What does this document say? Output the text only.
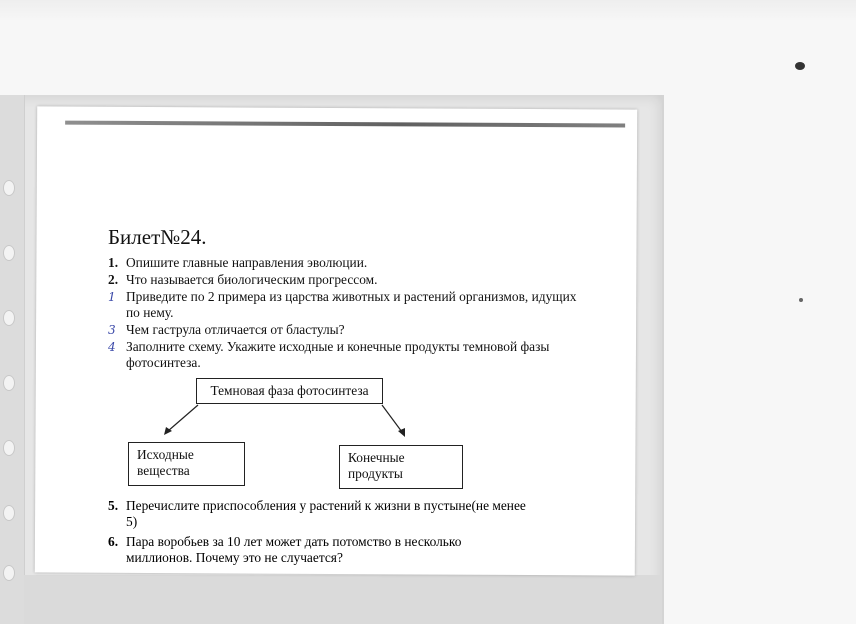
Билет№24.
1. Опишите главные направления эволюции.
2. Что называется биологическим прогрессом.
1 Приведите по 2 примера из царства животных и растений организмов, идущих по нему.
3 Чем гаструла отличается от бластулы?
4 Заполните схему. Укажите исходные и конечные продукты темновой фазы фотосинтеза.
Темновая фаза фотосинтеза
Исходные
вещества
Конечные
продукты
5. Перечислите приспособления у растений к жизни в пустыне(не менее 5)
6. Пара воробьев за 10 лет может дать потомство в несколько миллионов. Почему это не случается?
